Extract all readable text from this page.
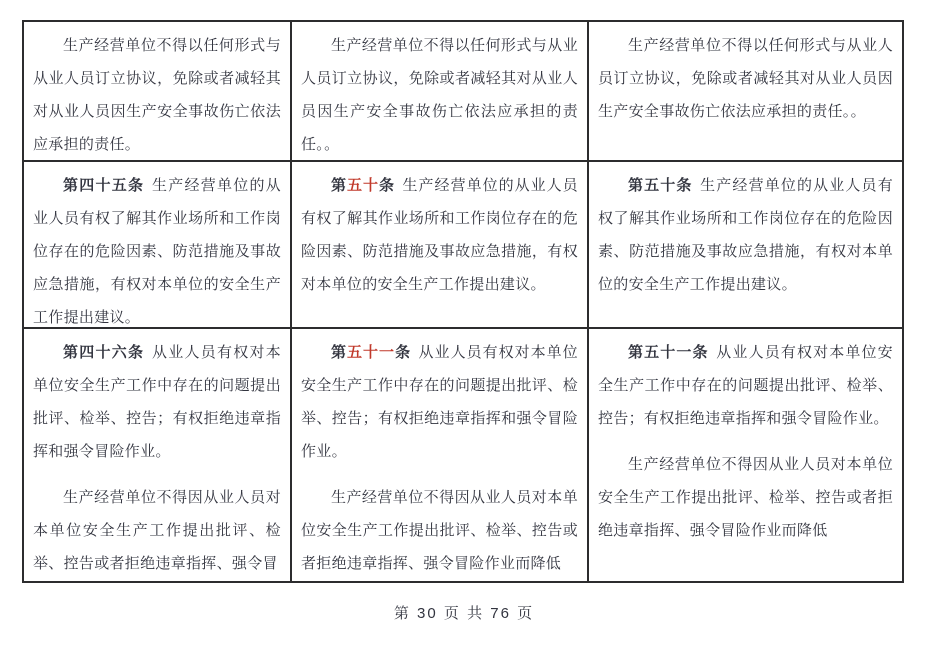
生产经营单位不得以任何形式与从业人员订立协议，免除或者减轻其对从业人员因生产安全事故伤亡依法应承担的责任。

生产经营单位不得以任何形式与从业人员订立协议，免除或者减轻其对从业人员因生产安全事故伤亡依法应承担的责任。。

生产经营单位不得以任何形式与从业人员订立协议，免除或者减轻其对从业人员因生产安全事故伤亡依法应承担的责任。。

第四十五条 生产经营单位的从业人员有权了解其作业场所和工作岗位存在的危险因素、防范措施及事故应急措施，有权对本单位的安全生产工作提出建议。

第五十条 生产经营单位的从业人员有权了解其作业场所和工作岗位存在的危险因素、防范措施及事故应急措施，有权对本单位的安全生产工作提出建议。

第五十条 生产经营单位的从业人员有权了解其作业场所和工作岗位存在的危险因素、防范措施及事故应急措施，有权对本单位的安全生产工作提出建议。

第四十六条 从业人员有权对本单位安全生产工作中存在的问题提出批评、检举、控告；有权拒绝违章指挥和强令冒险作业。

生产经营单位不得因从业人员对本单位安全生产工作提出批评、检举、控告或者拒绝违章指挥、强令冒

第五十一条 从业人员有权对本单位安全生产工作中存在的问题提出批评、检举、控告；有权拒绝违章指挥和强令冒险作业。

生产经营单位不得因从业人员对本单位安全生产工作提出批评、检举、控告或者拒绝违章指挥、强令冒险作业而降低

第五十一条 从业人员有权对本单位安全生产工作中存在的问题提出批评、检举、控告；有权拒绝违章指挥和强令冒险作业。

生产经营单位不得因从业人员对本单位安全生产工作提出批评、检举、控告或者拒绝违章指挥、强令冒险作业而降低

第 30 页 共 76 页
